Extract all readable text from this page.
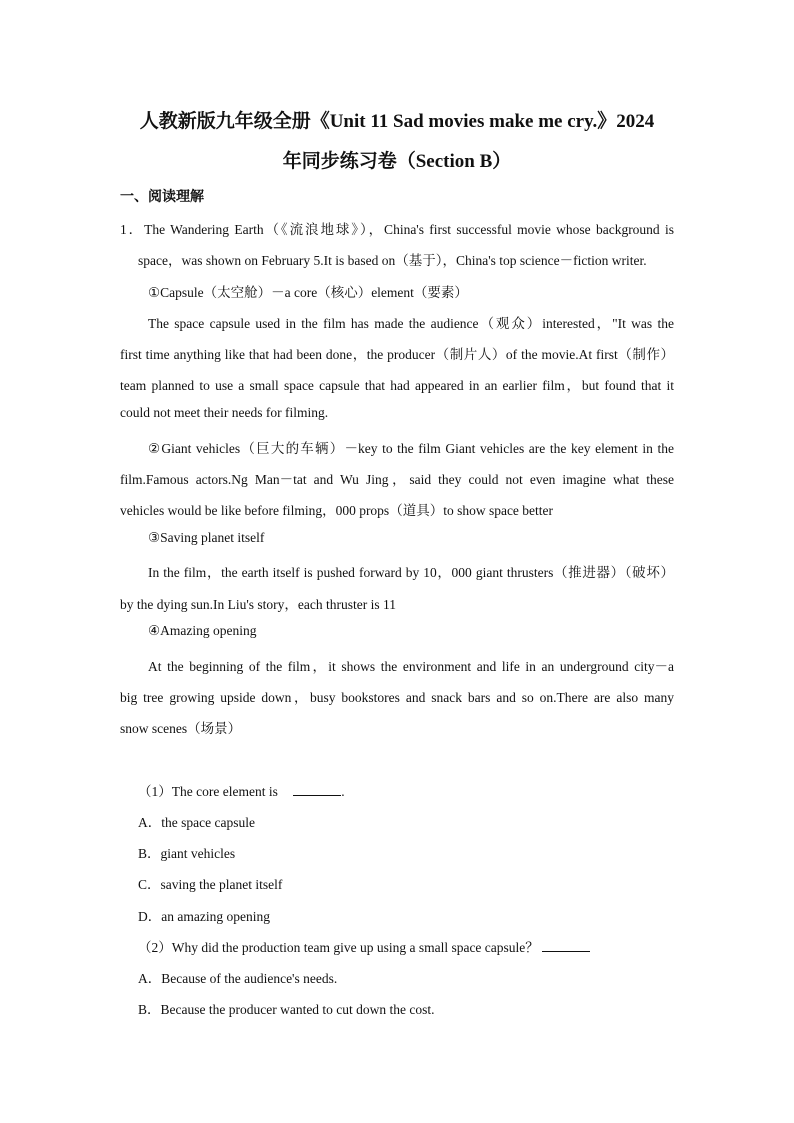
人教新版九年级全册《Unit 11 Sad movies make me cry.》2024
年同步练习卷（Section B）
一、阅读理解
1．The Wandering Earth（《流浪地球》），China's first successful movie whose background is
space，was shown on February 5.It is based on（基于），China's top science－fiction writer.
①Capsule（太空舱）－a core（核心）element（要素）
The space capsule used in the film has made the audience（观众）interested，"It was the
first time anything like that had been done，the producer（制片人）of the movie.At first（制作）
team planned to use a small space capsule that had appeared in an earlier film，but found that it
could not meet their needs for filming.
②Giant vehicles（巨大的车辆）－key to the film Giant vehicles are the key element in the
film.Famous actors.Ng Man－tat and Wu Jing，said they could not even imagine what these
vehicles would be like before filming，000 props（道具）to show space better
③Saving planet itself
In the film，the earth itself is pushed forward by 10，000 giant thrusters（推进器）（破坏）
by the dying sun.In Liu's story，each thruster is 11
④Amazing opening
At the beginning of the film，it shows the environment and life in an underground city－a
big tree growing upside down，busy bookstores and snack bars and so on.There are also many
snow scenes（场景）
（1）The core element is	.
A．the space capsule
B．giant vehicles
C．saving the planet itself
D．an amazing opening
（2）Why did the production team give up using a small space capsule？
A．Because of the audience's needs.
B．Because the producer wanted to cut down the cost.
